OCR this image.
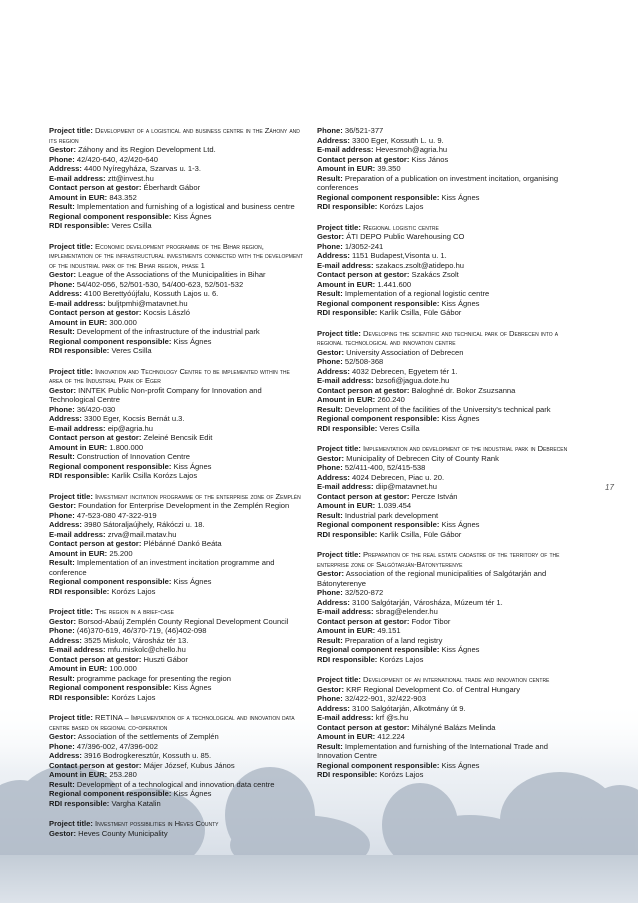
Project title: Development of a logistical and business centre in the Záhony and its region

Gestor: Záhony and its Region Development Ltd.

Phone: 42/420-640, 42/420-640

Address: 4400 Nyíregyháza, Szarvas u. 1-3.

E-mail address: ztt@invest.hu

Contact person at gestor: Éberhardt Gábor

Amount in EUR: 843.352

Result: Implementation and furnishing of a logistical and business centre

Regional component responsible: Kiss Ágnes

RDI responsible: Veres Csilla

Project title: Economic development programme of the Bihar region, implementation of the infrastructural investments connected with the development of the industrial park of the Bihar region, phase 1

Gestor: League of the Associations of the Municipalities in Bihar

Phone: 54/402-056, 52/501-530, 54/400-623, 52/501-532

Address: 4100 Berettyóújfalu, Kossuth Lajos u. 6.

E-mail address: buljtpmhi@matavnet.hu

Contact person at gestor: Kocsis László

Amount in EUR: 300.000

Result: Development of the infrastructure of the industrial park

Regional component responsible: Kiss Ágnes

RDI responsible: Veres Csilla

Project title: Innovation and Technology Centre to be implemented within the area of the Industrial Park of Eger

Gestor: INNTEK Public Non-profit Company for Innovation and Technological Centre

Phone: 36/420-030

Address: 3300 Eger, Kocsis Bernát u.3.

E-mail address: eip@agria.hu

Contact person at gestor: Zeleiné Bencsik Edit

Amount in EUR: 1.800.000

Result: Construction of Innovation Centre

Regional component responsible: Kiss Ágnes

RDI responsible: Karlik Csilla Korózs Lajos

Project title: Investment incitation programme of the enterprise zone of Zemplén

Gestor: Foundation for Enterprise Development in the Zemplén Region

Phone: 47-523-080 47-322-919

Address: 3980 Sátoraljaújhely, Rákóczi u. 18.

E-mail address: zrva@mail.matav.hu

Contact person at gestor: Plébánné Dankó Beáta

Amount in EUR: 25.200

Result: Implementation of an investment incitation programme and conference

Regional component responsible: Kiss Ágnes

RDI responsible: Korózs Lajos

Project title: The region in a brief-case

Gestor: Borsod-Abaúj Zemplén County Regional Development Council

Phone: (46)370-619, 46/370-719, (46)402-098

Address: 3525 Miskolc, Városház tér 13.

E-mail address: mfu.miskolc@chello.hu

Contact person at gestor: Huszti Gábor

Amount in EUR: 100.000

Result: programme package for presenting the region

Regional component responsible: Kiss Ágnes

RDI responsible: Korózs Lajos

Project title: RETINA – Implementation of a technological and innovation data centre based on regional co-operation

Gestor: Association of the settlements of Zemplén

Phone: 47/396-002, 47/396-002

Address: 3916 Bodrogkeresztúr, Kossuth u. 85.

Contact person at gestor: Májer József, Kubus János

Amount in EUR: 253.280

Result: Development of a technological and innovation data centre

Regional component responsible: Kiss Ágnes

RDI responsible: Vargha Katalin

Project title: Investment possibilities in Heves County

Gestor: Heves County Municipality

Phone: 36/521-377

Address: 3300 Eger, Kossuth L. u. 9.

E-mail address: Hevesmoh@agria.hu

Contact person at gestor: Kiss János

Amount in EUR: 39.350

Result: Preparation of a publication on investment incitation, organising conferences

Regional component responsible: Kiss Ágnes

RDI responsible: Korózs Lajos

Project title: Regional logistic centre

Gestor: ÁTI DEPO Public Warehousing CO

Phone: 1/3052-241

Address: 1151 Budapest,Visonta u. 1.

E-mail address: szakacs.zsolt@atidepo.hu

Contact person at gestor: Szakács Zsolt

Amount in EUR: 1.441.600

Result: Implementation of a regional logistic centre

Regional component responsible: Kiss Ágnes

RDI responsible: Karlik Csilla, Füle Gábor

Project title: Developing the scientific and technical park of Debrecen into a regional technological and innovation centre

Gestor: University Association of Debrecen

Phone: 52/508-368

Address: 4032 Debrecen, Egyetem tér 1.

E-mail address: bzsofi@jagua.dote.hu

Contact person at gestor: Baloghné dr. Bokor Zsuzsanna

Amount in EUR: 260.240

Result: Development of the facilities of the University's technical park

Regional component responsible: Kiss Ágnes

RDI responsible: Veres Csilla

Project title: Implementation and development of the industrial park in Debrecen

Gestor: Municipality of Debrecen City of County Rank

Phone: 52/411-400, 52/415-538

Address: 4024 Debrecen, Piac u. 20.

E-mail address: diip@matavnet.hu

Contact person at gestor: Percze István

Amount in EUR: 1.039.454

Result: Industrial park development

Regional component responsible: Kiss Ágnes

RDI responsible: Karlik Csilla, Füle Gábor

Project title: Preparation of the real estate cadastre of the territory of the enterprise zone of Salgótarján-Bátonyterenye

Gestor: Association of the regional municipalities of Salgótarján and Bátonyterenye

Phone: 32/520-872

Address: 3100 Salgótarján, Városháza, Múzeum tér 1.

E-mail address: sbrag@elender.hu

Contact person at gestor: Fodor Tibor

Amount in EUR: 49.151

Result: Preparation of a land registry

Regional component responsible: Kiss Ágnes

RDI responsible: Korózs Lajos

Project title: Development of an international trade and innovation centre

Gestor: KRF Regional Development Co. of Central Hungary

Phone: 32/422-901, 32/422-903

Address: 3100 Salgótarján, Alkotmány út 9.

E-mail address: krf @s.hu

Contact person at gestor: Mihályné Balázs Melinda

Amount in EUR: 412.224

Result: Implementation and furnishing of the International Trade and Innovation Centre

Regional component responsible: Kiss Ágnes

RDI responsible: Korózs Lajos

17
